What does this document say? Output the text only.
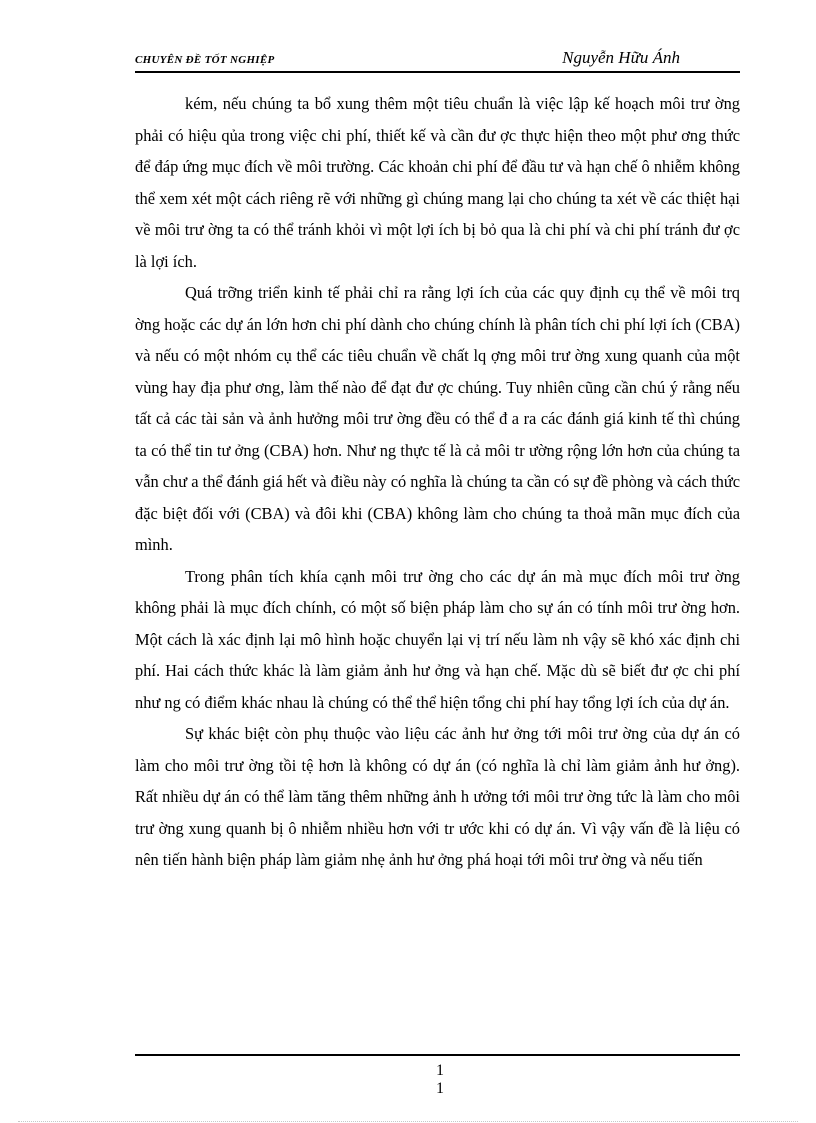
CHUYÊN ĐỀ TỐT NGHIỆP	Nguyễn Hữu Ánh

kém, nếu chúng ta bổ xung thêm một tiêu chuẩn là việc lập kế hoạch môi trư ờng phải có hiệu qủa trong việc chi phí, thiết kế và cần đư ợc thực hiện theo một phư ơng thức để đáp ứng mục đích về môi trường. Các khoản chi phí để đầu tư và hạn chế ô nhiễm không thể xem xét một cách riêng rẽ với những gì chúng mang lại cho chúng ta xét về các thiệt hại về môi trư ờng ta có thể tránh khỏi vì một lợi ích bị bỏ qua là chi phí và chi phí tránh đư ợc là lợi ích.

Quá trỡng triển kinh tế phải chỉ ra rằng lợi ích của các quy định cụ thể về môi trq ờng hoặc các dự án lớn hơn chi phí dành cho chúng chính là phân tích chi phí lợi ích (CBA) và nếu có một nhóm cụ thể các tiêu chuẩn về chất lq ợng môi trư ờng xung quanh của một vùng hay địa phư ơng, làm thế nào để đạt đư ợc chúng. Tuy nhiên cũng cần chú ý rằng nếu tất cả các tài sản và ảnh hưởng môi trư ờng đều có thể đ a ra các đánh giá kinh tế thì chúng ta có thể tin tư ởng (CBA) hơn. Như ng thực tế là cả môi tr ường rộng lớn hơn của chúng ta vẫn chư a thể đánh giá hết và điều này có nghĩa là chúng ta cần có sự đề phòng và cách thức đặc biệt đối với (CBA) và đôi khi (CBA) không làm cho chúng ta thoả mãn mục đích của mình.

Trong phân tích khía cạnh môi trư ờng cho các dự án mà mục đích môi trư ờng không phải là mục đích chính, có một số biện pháp làm cho sự án có tính môi trư ờng hơn. Một cách là xác định lại mô hình hoặc chuyển lại vị trí nếu làm nh vậy sẽ khó xác định chi phí. Hai cách thức khác là làm giảm ảnh hư ởng và hạn chế. Mặc dù sẽ biết đư ợc chi phí như ng có điểm khác nhau là chúng có thể thể hiện tổng chi phí hay tổng lợi ích của dự án.

Sự khác biệt còn phụ thuộc vào liệu các ảnh hư ởng tới môi trư ờng của dự án có làm cho môi trư ờng tồi tệ hơn là không có dự án (có nghĩa là chỉ làm giảm ảnh hư ởng). Rất nhiều dự án có thể làm tăng thêm những ảnh h ưởng tới môi trư ờng tức là làm cho môi trư ờng xung quanh bị ô nhiễm nhiều hơn với tr ước khi có dự án. Vì vậy vấn đề là liệu có nên tiến hành biện pháp làm giảm nhẹ ảnh hư ởng phá hoại tới môi trư ờng và nếu tiến

1
1
